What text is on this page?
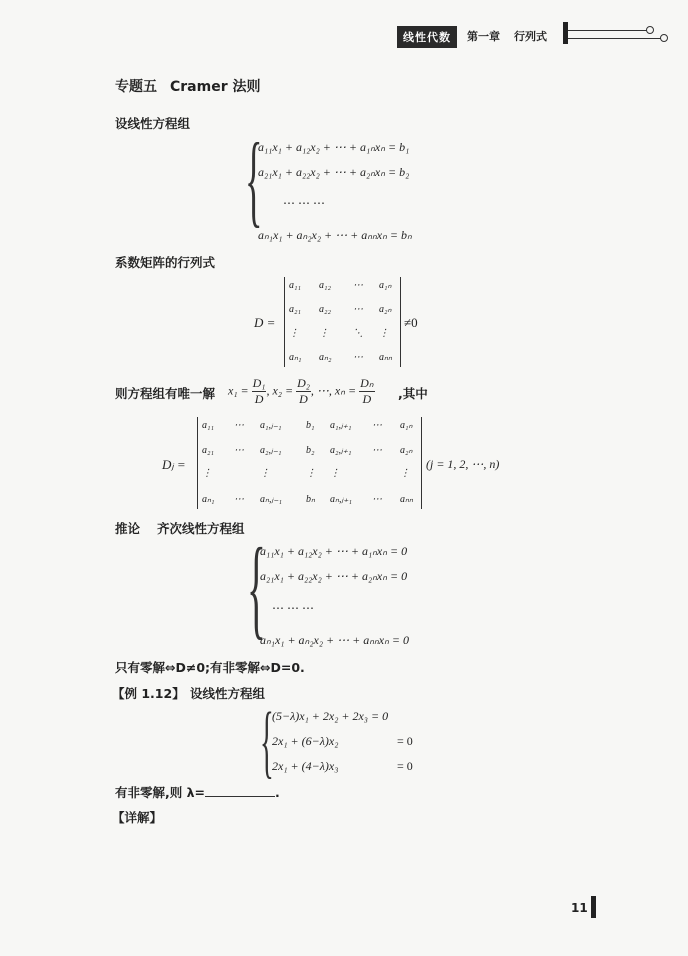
线性代数	第一章 行列式
专题五 Cramer 法则
设线性方程组 {
a₁₁x₁ + a₁₂x₂ + ⋯ + a₁ₙxₙ = b₁
a₂₁x₁ + a₂₂x₂ + ⋯ + a₂ₙxₙ = b₂
⋯ ⋯ ⋯
aₙ₁x₁ + aₙ₂x₂ + ⋯ + aₙₙxₙ = bₙ
系数矩阵的行列式
D =
a₁₁ a₁₂ ⋯ a₁ₙ
a₂₁ a₂₂ ⋯ a₂ₙ
⋮ ⋮ ⋱ ⋮
aₙ₁ aₙ₂ ⋯ aₙₙ
≠0
则方程组有唯一解 $x_1 = \frac{\text{D₁}}{D}$ , $x_2 = \frac{\text{D₂}}{D}$ , ⋯, $x_n = \frac{\text{Dₙ}}{D}$ ,其中
Dⱼ =
a₁₁ ⋯ a₁,ⱼ₋₁ b₁ a₁,ⱼ₊₁ ⋯ a₁ₙ
a₂₁ ⋯ a₂,ⱼ₋₁ b₂ a₂,ⱼ₊₁ ⋯ a₂ₙ
⋮	⋮	⋮ ⋮	⋮
aₙ₁ ⋯ aₙ,ⱼ₋₁ bₙ aₙ,ⱼ₊₁ ⋯ aₙₙ
(j = 1, 2, ⋯, n)
推论 齐次线性方程组 {
a₁₁x₁ + a₁₂x₂ + ⋯ + a₁ₙxₙ = 0
a₂₁x₁ + a₂₂x₂ + ⋯ + a₂ₙxₙ = 0
⋯ ⋯ ⋯
aₙ₁x₁ + aₙ₂x₂ + ⋯ + aₙₙxₙ = 0
只有零解⇔D≠0;有非零解⇔D=0.
【例 1.12】 设线性方程组
{
(5−λ)x₁ + 2x₂ + 2x₃ = 0
2x₁ + (6−λ)x₂	= 0
2x₁ + (4−λ)x₃	= 0
有非零解,则 λ=	.
【详解】
11
